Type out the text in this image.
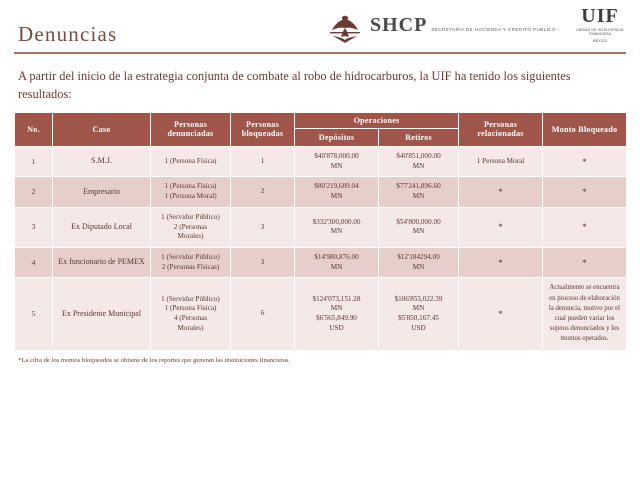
Denuncias	SHCP SECRETARÍA DE HACIENDA Y CRÉDITO PÚBLICO
UIF
UNIDAD DE INTELIGENCIA FINANCIERA
MÉXICO

A partir del inicio de la estrategia conjunta de combate al robo de hidrocarburos, la UIF ha tenido los siguientes resultados:

No.	Caso	Personas denunciadas	Personas bloqueadas	Operaciones		Personas relacionadas	Monto Bloqueado
				Depósitos	Retiros		
1	S.M.J.	1 (Persona Física)	1	$40'878,000.00
MN	$40'851,000.00
MN	1 Persona Moral	*
2	Empresario	1 (Persona Física)
1 (Persona Moral)	2	$80'219,689.04
MN	$77'241,896.60
MN	*	*
3	Ex Diputado Local	1 (Servidor Público)
2 (Personas
Morales)	3	$332'300,000.00
MN	$54'800,000.00
MN	*	*
4	Ex funcionario de PEMEX	1 (Servidor Público)
2 (Personas Físicas)	3	$14'980,876.00
MN	$12'184294.00
MN	*	*
5	Ex Presidente Municipal	1 (Servidor Público)
1 (Persona Física)
4 (Personas
Morales)	6	$124'073,151.28
MN
$6'565,849.90
USD	$106'855,022.39
MN
$5'850,167.45
USD	*	Actualmente se encuentra en proceso de elaboración la denuncia, motivo por el cual pueden variar los sujetos denunciados y los montos operados.
*La cifra de los montos bloqueados se obtiene de los reportes que generan las instituciones financieras.
